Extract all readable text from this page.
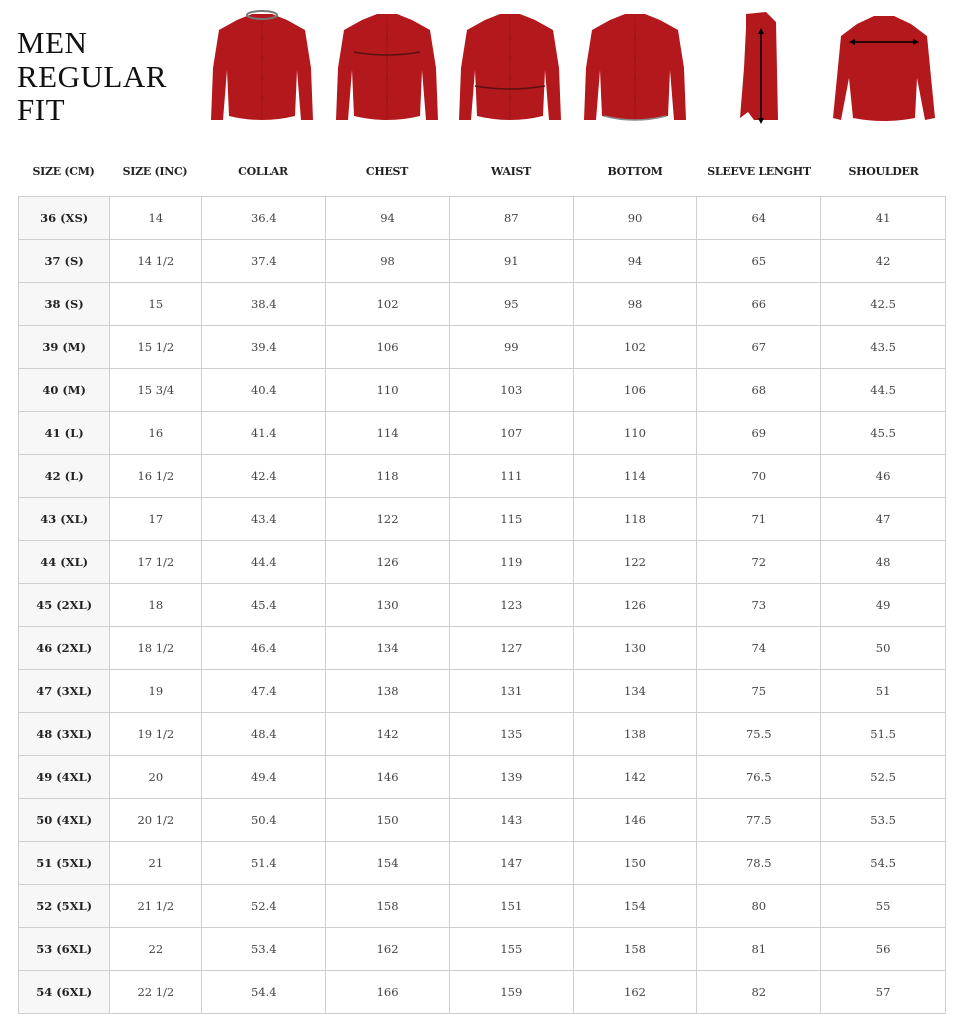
MEN
REGULAR
FIT
SIZE (CM)	SIZE (INC)	COLLAR	CHEST	WAIST	BOTTOM	SLEEVE LENGHT	SHOULDER
36 (XS)	14	36.4	94	87	90	64	41
37 (S)	14 1/2	37.4	98	91	94	65	42
38 (S)	15	38.4	102	95	98	66	42.5
39 (M)	15 1/2	39.4	106	99	102	67	43.5
40 (M)	15 3/4	40.4	110	103	106	68	44.5
41 (L)	16	41.4	114	107	110	69	45.5
42 (L)	16 1/2	42.4	118	111	114	70	46
43 (XL)	17	43.4	122	115	118	71	47
44 (XL)	17 1/2	44.4	126	119	122	72	48
45 (2XL)	18	45.4	130	123	126	73	49
46 (2XL)	18 1/2	46.4	134	127	130	74	50
47 (3XL)	19	47.4	138	131	134	75	51
48 (3XL)	19 1/2	48.4	142	135	138	75.5	51.5
49 (4XL)	20	49.4	146	139	142	76.5	52.5
50 (4XL)	20 1/2	50.4	150	143	146	77.5	53.5
51 (5XL)	21	51.4	154	147	150	78.5	54.5
52 (5XL)	21 1/2	52.4	158	151	154	80	55
53 (6XL)	22	53.4	162	155	158	81	56
54 (6XL)	22 1/2	54.4	166	159	162	82	57
